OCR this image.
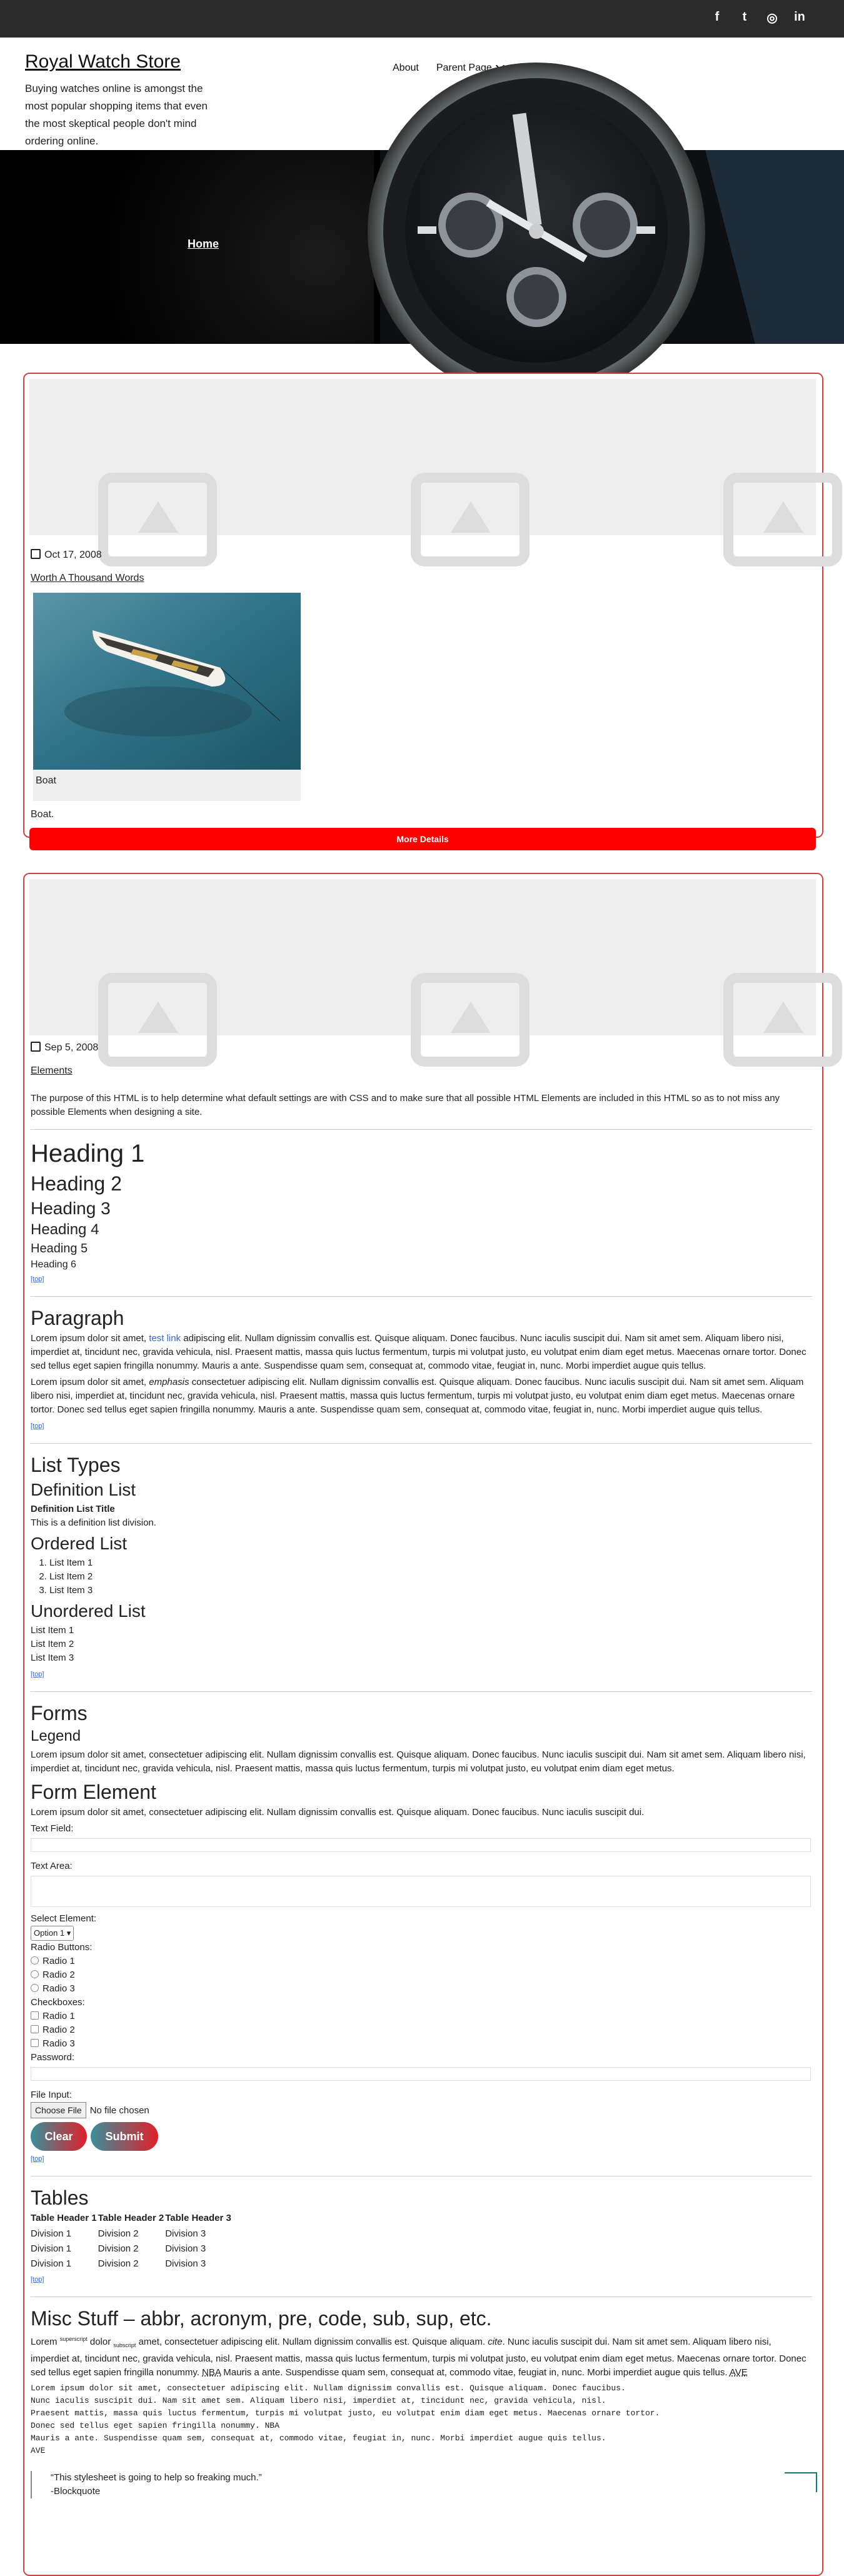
f	t	◎ in
Royal Watch Store
Buying watches online is amongst the most popular shopping items that even the most skeptical people don't mind ordering online.
About Parent Page
Home
Oct 17, 2008
Worth A Thousand Words
Boat
Boat.
More Details
Sep 5, 2008
Elements

The purpose of this HTML is to help determine what default settings are with CSS and to make sure that all possible HTML Elements are included in this HTML so as to not miss any possible Elements when designing a site.

Heading 1
Heading 2
Heading 3
Heading 4
Heading 5
Heading 6
[top]
Paragraph

Lorem ipsum dolor sit amet, test link adipiscing elit. Nullam dignissim convallis est. Quisque aliquam. Donec faucibus. Nunc iaculis suscipit dui. Nam sit amet sem. Aliquam libero nisi, imperdiet at, tincidunt nec, gravida vehicula, nisl. Praesent mattis, massa quis luctus fermentum, turpis mi volutpat justo, eu volutpat enim diam eget metus. Maecenas ornare tortor. Donec sed tellus eget sapien fringilla nonummy. Mauris a ante. Suspendisse quam sem, consequat at, commodo vitae, feugiat in, nunc. Morbi imperdiet augue quis tellus.

Lorem ipsum dolor sit amet, emphasis consectetuer adipiscing elit. Nullam dignissim convallis est. Quisque aliquam. Donec faucibus. Nunc iaculis suscipit dui. Nam sit amet sem. Aliquam libero nisi, imperdiet at, tincidunt nec, gravida vehicula, nisl. Praesent mattis, massa quis luctus fermentum, turpis mi volutpat justo, eu volutpat enim diam eget metus. Maecenas ornare tortor. Donec sed tellus eget sapien fringilla nonummy. Mauris a ante. Suspendisse quam sem, consequat at, commodo vitae, feugiat in, nunc. Morbi imperdiet augue quis tellus.

[top]
List Types
Definition List
Definition List Title
This is a definition list division.
Ordered List
1. List Item 1
2. List Item 2
3. List Item 3
Unordered List
List Item 1
List Item 2
List Item 3
[top]
Forms
Legend

Lorem ipsum dolor sit amet, consectetuer adipiscing elit. Nullam dignissim convallis est. Quisque aliquam. Donec faucibus. Nunc iaculis suscipit dui. Nam sit amet sem. Aliquam libero nisi, imperdiet at, tincidunt nec, gravida vehicula, nisl. Praesent mattis, massa quis luctus fermentum, turpis mi volutpat justo, eu volutpat enim diam eget metus.

Form Element

Lorem ipsum dolor sit amet, consectetuer adipiscing elit. Nullam dignissim convallis est. Quisque aliquam. Donec faucibus. Nunc iaculis suscipit dui.

Text Field:
Text Area:
Select Element:
Option 1 ▾
Radio Buttons:
Radio 1
Radio 2
Radio 3
Checkboxes:
Radio 1
Radio 2
Radio 3
Password:
File Input:
Choose File No file chosen
Clear	Submit
[top]
Tables
Table Header 1	Table Header 2	Table Header 3
Division 1	Division 2	Division 3
Division 1	Division 2	Division 3
Division 1	Division 2	Division 3
[top]
Misc Stuff – abbr, acronym, pre, code, sub, sup, etc.

Lorem $^{superscript}$ dolor $_{subscript}$ amet, consectetuer adipiscing elit. Nullam dignissim convallis est. Quisque aliquam. cite. Nunc iaculis suscipit dui. Nam sit amet sem. Aliquam libero nisi, imperdiet at, tincidunt nec, gravida vehicula, nisl. Praesent mattis, massa quis luctus fermentum, turpis mi volutpat justo, eu volutpat enim diam eget metus. Maecenas ornare tortor. Donec sed tellus eget sapien fringilla nonummy. NBA Mauris a ante. Suspendisse quam sem, consequat at, commodo vitae, feugiat in, nunc. Morbi imperdiet augue quis tellus. AVE

Lorem ipsum dolor sit amet, consectetuer adipiscing elit. Nullam dignissim convallis est. Quisque aliquam. Donec faucibus.
Nunc iaculis suscipit dui. Nam sit amet sem. Aliquam libero nisi, imperdiet at, tincidunt nec, gravida vehicula, nisl.
Praesent mattis, massa quis luctus fermentum, turpis mi volutpat justo, eu volutpat enim diam eget metus. Maecenas ornare tortor.
Donec sed tellus eget sapien fringilla nonummy. NBA
Mauris a ante. Suspendisse quam sem, consequat at, commodo vitae, feugiat in, nunc. Morbi imperdiet augue quis tellus.
AVE
“This stylesheet is going to help so freaking much.”
-Blockquote
